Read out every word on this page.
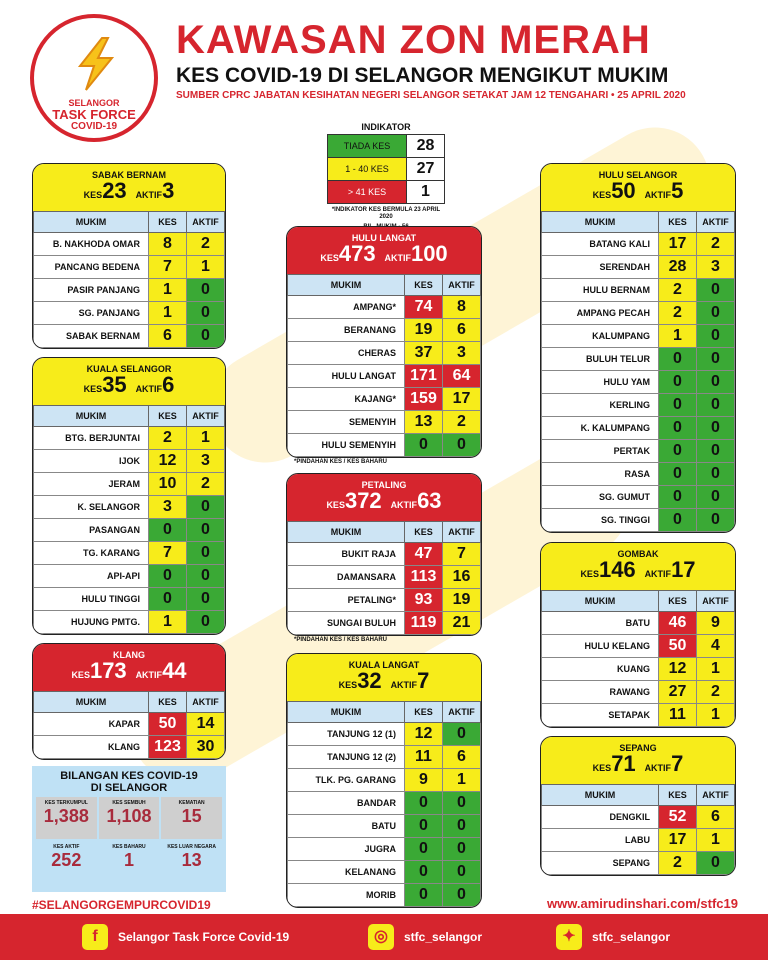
SELANGOR
TASK FORCE
COVID-19
KAWASAN ZON MERAH
KES COVID-19 DI SELANGOR MENGIKUT MUKIM
SUMBER CPRC JABATAN KESIHATAN NEGERI SELANGOR SETAKAT JAM 12 TENGAHARI • 25 APRIL 2020
INDIKATOR
TIADA KES	28
1 - 40 KES	27
> 41 KES	1
*INDIKATOR KES BERMULA 23 APRIL 2020
SABAK BERNAM
KES23 AKTIF3
MUKIM	KES	AKTIF
B. NAKHODA OMAR	8	2
PANCANG BEDENA	7	1
PASIR PANJANG	1	0
SG. PANJANG	1	0
SABAK BERNAM	6	0
KUALA SELANGOR
KES35 AKTIF6
MUKIM	KES	AKTIF
BTG. BERJUNTAI	2	1
IJOK	12	3
JERAM	10	2
K. SELANGOR	3	0
PASANGAN	0	0
TG. KARANG	7	0
API-API	0	0
HULU TINGGI	0	0
HUJUNG PMTG.	1	0
KLANG
KES173 AKTIF44
MUKIM	KES	AKTIF
KAPAR	50	14
KLANG	123	30
HULU LANGAT
KES473 AKTIF100
MUKIM	KES	AKTIF
AMPANG*	74	8
BERANANG	19	6
CHERAS	37	3
HULU LANGAT	171	64
KAJANG*	159	17
SEMENYIH	13	2
HULU SEMENYIH	0	0
PETALING
KES372 AKTIF63
MUKIM	KES	AKTIF
BUKIT RAJA	47	7
DAMANSARA	113	16
PETALING*	93	19
SUNGAI BULUH	119	21
KUALA LANGAT
KES32 AKTIF7
MUKIM	KES	AKTIF
TANJUNG 12 (1)	12	0
TANJUNG 12 (2)	11	6
TLK. PG. GARANG	9	1
BANDAR	0	0
BATU	0	0
JUGRA	0	0
KELANANG	0	0
MORIB	0	0
HULU SELANGOR
KES50 AKTIF5
MUKIM	KES	AKTIF
BATANG KALI	17	2
SERENDAH	28	3
HULU BERNAM	2	0
AMPANG PECAH	2	0
KALUMPANG	1	0
BULUH TELUR	0	0
HULU YAM	0	0
KERLING	0	0
K. KALUMPANG	0	0
PERTAK	0	0
RASA	0	0
SG. GUMUT	0	0
SG. TINGGI	0	0
GOMBAK
KES146 AKTIF17
MUKIM	KES	AKTIF
BATU	46	9
HULU KELANG	50	4
KUANG	12	1
RAWANG	27	2
SETAPAK	11	1
SEPANG
KES71 AKTIF7
MUKIM	KES	AKTIF
DENGKIL	52	6
LABU	17	1
SEPANG	2	0
*PINDAHAN KES / KES BAHARU
*PINDAHAN KES / KES BAHARU
BILANGAN KES COVID-19
DI SELANGOR
KES TERKUMPUL
1,388
KES SEMBUH
1,108
KEMATIAN
15
KES AKTIF
252
KES BAHARU
1
KES LUAR NEGARA
13
#SELANGORGEMPURCOVID19	www.amirudinshari.com/stfc19
f	Selangor Task Force Covid-19	◎	stfc_selangor	✦	stfc_selangor
